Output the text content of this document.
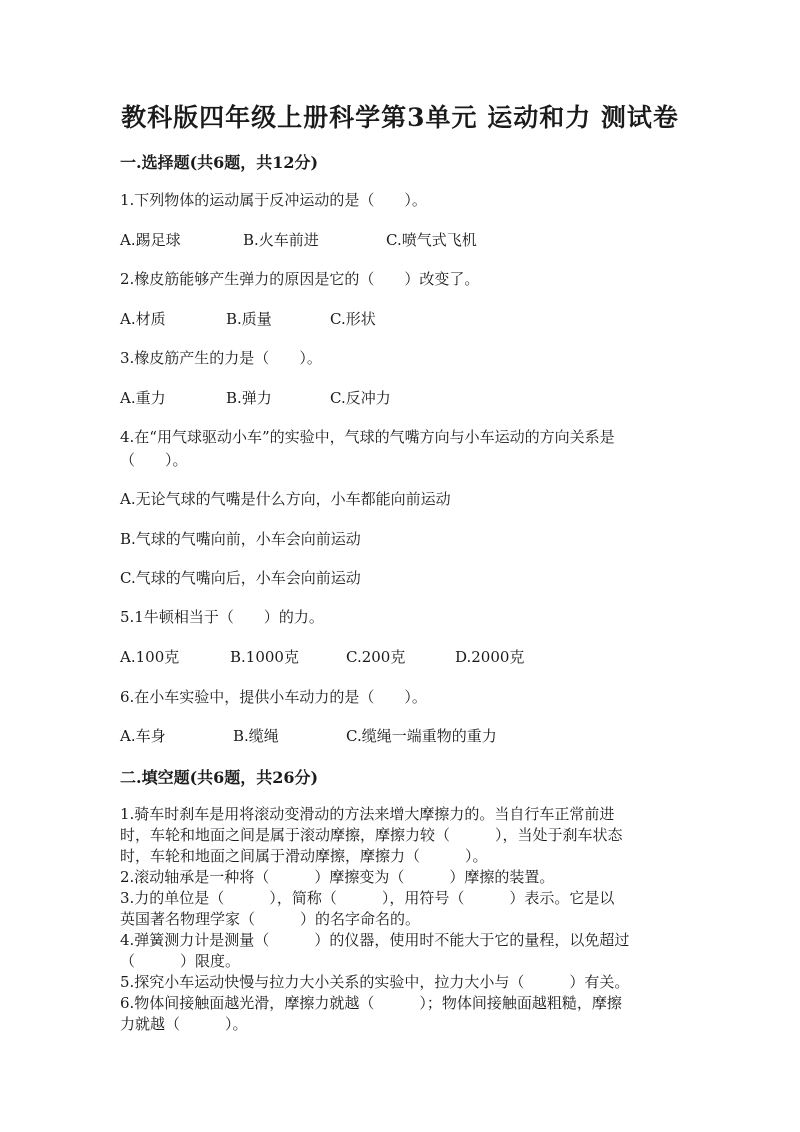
教科版四年级上册科学第3单元 运动和力 测试卷
一.选择题(共6题，共12分)
1.下列物体的运动属于反冲运动的是（　　）。
A.踢足球	B.火车前进	C.喷气式飞机
2.橡皮筋能够产生弹力的原因是它的（　　）改变了。
A.材质	B.质量	C.形状
3.橡皮筋产生的力是（　　）。
A.重力	B.弹力	C.反冲力
4.在“用气球驱动小车”的实验中，气球的气嘴方向与小车运动的方向关系是
（　　）。
A.无论气球的气嘴是什么方向，小车都能向前运动
B.气球的气嘴向前，小车会向前运动
C.气球的气嘴向后，小车会向前运动
5.1牛顿相当于（　　）的力。
A.100克	B.1000克	C.200克	D.2000克
6.在小车实验中，提供小车动力的是（　　）。
A.车身	B.缆绳	C.缆绳一端重物的重力
二.填空题(共6题，共26分)

1.骑车时刹车是用将滚动变滑动的方法来增大摩擦力的。当自行车正常前进

时，车轮和地面之间是属于滚动摩擦，摩擦力较（　　　），当处于刹车状态

时，车轮和地面之间属于滑动摩擦，摩擦力（　　　）。

2.滚动轴承是一种将（　　　）摩擦变为（　　　）摩擦的装置。

3.力的单位是（　　　），简称（　　　），用符号（　　　）表示。它是以

英国著名物理学家（　　　）的名字命名的。

4.弹簧测力计是测量（　　　）的仪器，使用时不能大于它的量程，以免超过

（　　　）限度。

5.探究小车运动快慢与拉力大小关系的实验中，拉力大小与（　　　）有关。

6.物体间接触面越光滑，摩擦力就越（　　　）；物体间接触面越粗糙，摩擦

力就越（　　　）。
